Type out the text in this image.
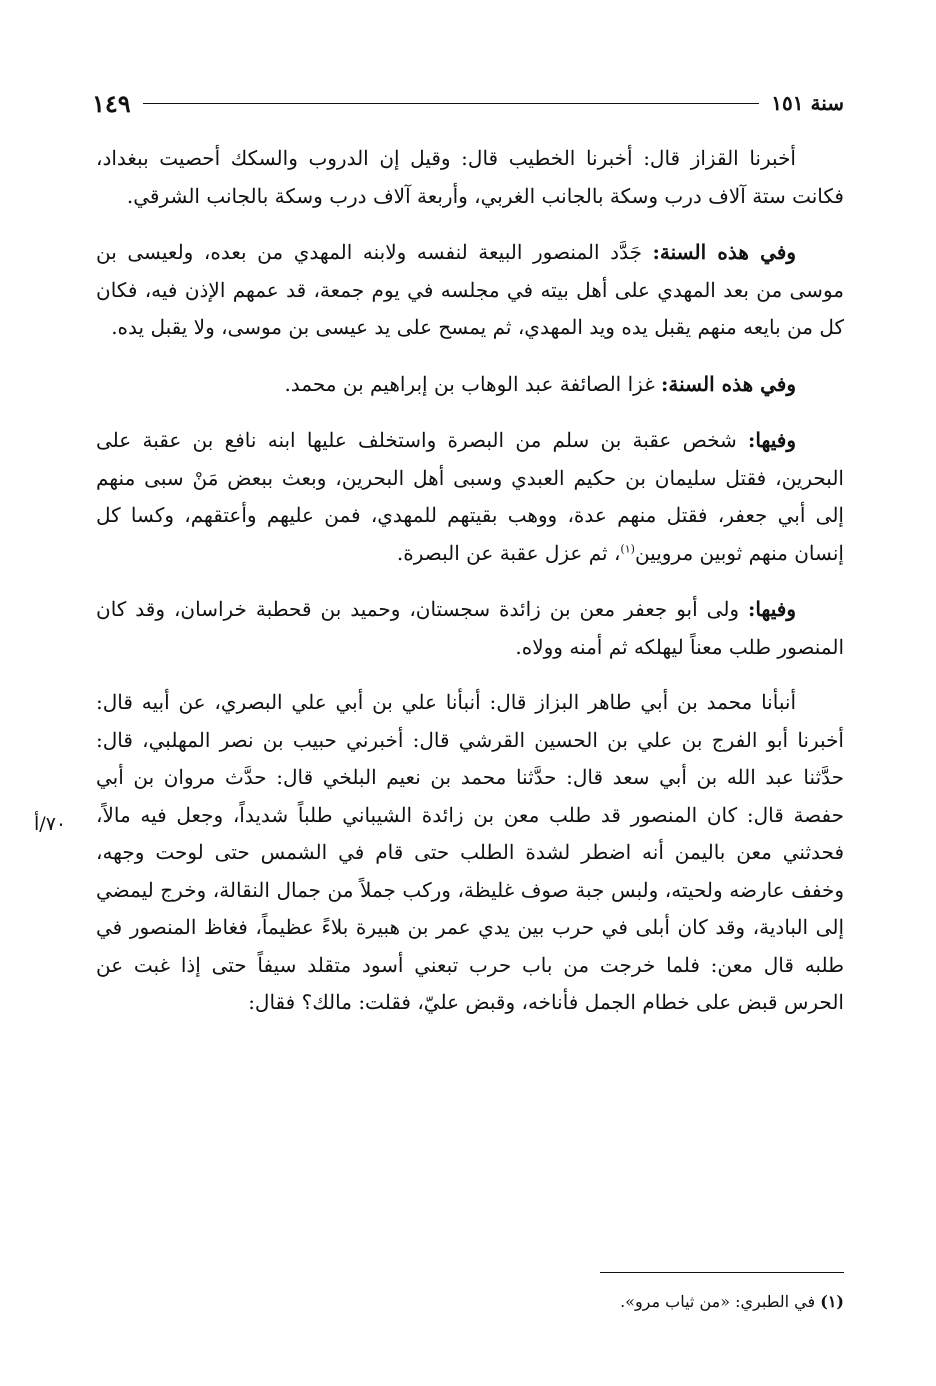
١٤٩	سنة ١٥١

أخبرنا القزاز قال: أخبرنا الخطيب قال: وقيل إن الدروب والسكك أحصيت ببغداد، فكانت ستة آلاف درب وسكة بالجانب الغربي، وأربعة آلاف درب وسكة بالجانب الشرقي.

وفي هذه السنة: جَدَّد المنصور البيعة لنفسه ولابنه المهدي من بعده، ولعيسى بن موسى من بعد المهدي على أهل بيته في مجلسه في يوم جمعة، قد عمهم الإذن فيه، فكان كل من بايعه منهم يقبل يده ويد المهدي، ثم يمسح على يد عيسى بن موسى، ولا يقبل يده.

وفي هذه السنة: غزا الصائفة عبد الوهاب بن إبراهيم بن محمد.

وفيها: شخص عقبة بن سلم من البصرة واستخلف عليها ابنه نافع بن عقبة على البحرين، فقتل سليمان بن حكيم العبدي وسبى أهل البحرين، وبعث ببعض مَنْ سبى منهم إلى أبي جعفر، فقتل منهم عدة، ووهب بقيتهم للمهدي، فمن عليهم وأعتقهم، وكسا كل إنسان منهم ثوبين مرويين$^{(١)}$، ثم عزل عقبة عن البصرة.

وفيها: ولى أبو جعفر معن بن زائدة سجستان، وحميد بن قحطبة خراسان، وقد كان المنصور طلب معناً ليهلكه ثم أمنه وولاه.

أنبأنا محمد بن أبي طاهر البزاز قال: أنبأنا علي بن أبي علي البصري، عن أبيه قال: أخبرنا أبو الفرج بن علي بن الحسين القرشي قال: أخبرني حبيب بن نصر المهلبي، قال: حدَّثنا عبد الله بن أبي سعد قال: حدَّثنا محمد بن نعيم البلخي قال: حدَّث مروان بن أبي حفصة قال: كان المنصور قد طلب معن بن زائدة الشيباني طلباً شديداً، وجعل فيه مالاً، فحدثني معن باليمن أنه اضطر لشدة الطلب حتى قام في الشمس حتى لوحت وجهه، وخفف عارضه ولحيته، ولبس جبة صوف غليظة، وركب جملاً من جمال النقالة، وخرج ليمضي إلى البادية، وقد كان أبلى في حرب بين يدي عمر بن هبيرة بلاءً عظيماً، فغاظ المنصور في طلبه قال معن: فلما خرجت من باب حرب تبعني أسود متقلد سيفاً حتى إذا غبت عن الحرس قبض على خطام الجمل فأناخه، وقبض عليّ، فقلت: مالك؟ فقال:

٧٠/أ
(١) في الطبري: «من ثياب مرو».
